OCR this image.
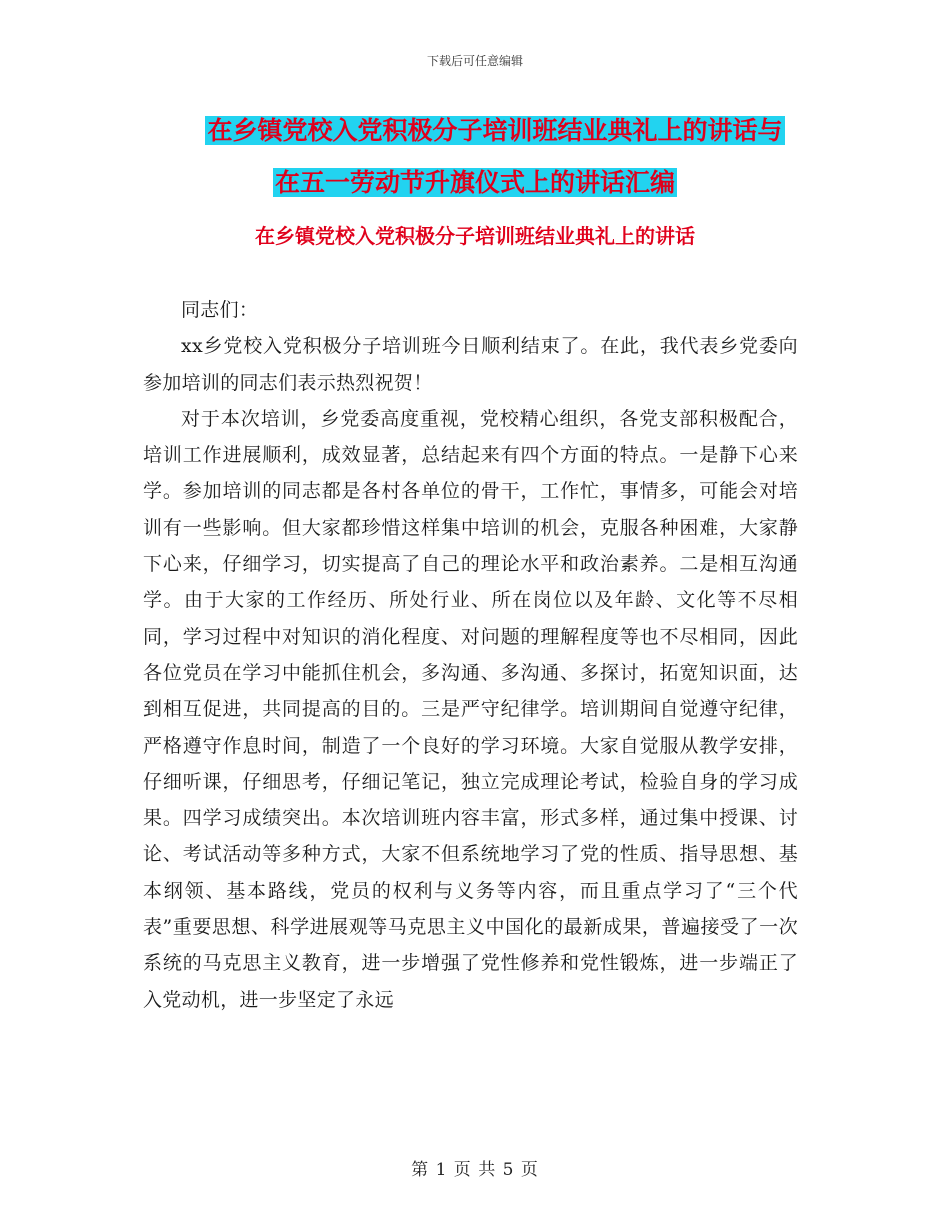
下载后可任意编辑
在乡镇党校入党积极分子培训班结业典礼上的讲话与
在五一劳动节升旗仪式上的讲话汇编
在乡镇党校入党积极分子培训班结业典礼上的讲话

同志们：

xx乡党校入党积极分子培训班今日顺利结束了。在此，我代表乡党委向参加培训的同志们表示热烈祝贺！

对于本次培训，乡党委高度重视，党校精心组织，各党支部积极配合，培训工作进展顺利，成效显著，总结起来有四个方面的特点。一是静下心来学。参加培训的同志都是各村各单位的骨干，工作忙，事情多，可能会对培训有一些影响。但大家都珍惜这样集中培训的机会，克服各种困难，大家静下心来，仔细学习，切实提高了自己的理论水平和政治素养。二是相互沟通学。由于大家的工作经历、所处行业、所在岗位以及年龄、文化等不尽相同，学习过程中对知识的消化程度、对问题的理解程度等也不尽相同，因此各位党员在学习中能抓住机会，多沟通、多沟通、多探讨，拓宽知识面，达到相互促进，共同提高的目的。三是严守纪律学。培训期间自觉遵守纪律，严格遵守作息时间，制造了一个良好的学习环境。大家自觉服从教学安排，仔细听课，仔细思考，仔细记笔记，独立完成理论考试，检验自身的学习成果。四学习成绩突出。本次培训班内容丰富，形式多样，通过集中授课、讨论、考试活动等多种方式，大家不但系统地学习了党的性质、指导思想、基本纲领、基本路线，党员的权利与义务等内容，而且重点学习了“三个代表”重要思想、科学进展观等马克思主义中国化的最新成果，普遍接受了一次系统的马克思主义教育，进一步增强了党性修养和党性锻炼，进一步端正了入党动机，进一步坚定了永远

第 1 页 共 5 页
